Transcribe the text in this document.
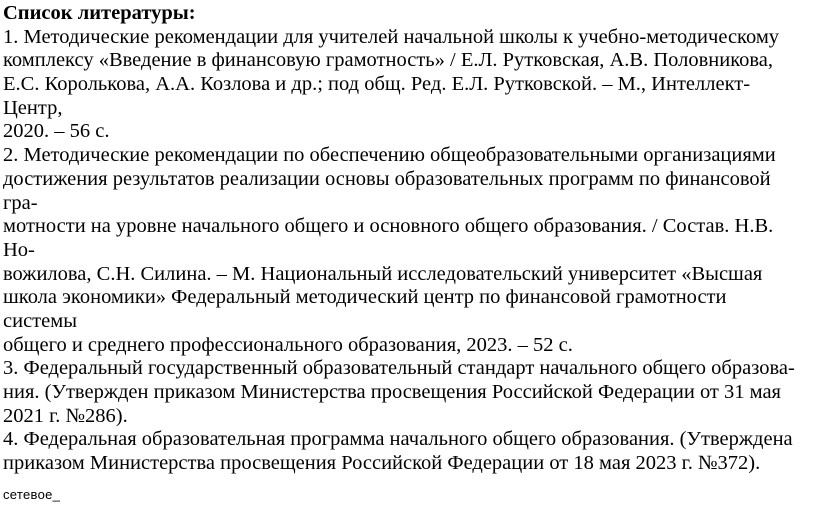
Список литературы:
1. Методические рекомендации для учителей начальной школы к учебно-методическому
комплексу «Введение в финансовую грамотность» / Е.Л. Рутковская, А.В. Половникова,
Е.С. Королькова, А.А. Козлова и др.; под общ. Ред. Е.Л. Рутковской. – М., Интеллект-
Центр,
2020. – 56 с.
2. Методические рекомендации по обеспечению общеобразовательными организациями
достижения результатов реализации основы образовательных программ по финансовой
гра-
мотности на уровне начального общего и основного общего образования. / Состав. Н.В.
Но-
вожилова, С.Н. Силина. – М. Национальный исследовательский университет «Высшая
школа экономики» Федеральный методический центр по финансовой грамотности
системы
общего и среднего профессионального образования, 2023. – 52 с.
3. Федеральный государственный образовательный стандарт начального общего образова-
ния. (Утвержден приказом Министерства просвещения Российской Федерации от 31 мая
2021 г. №286).
4. Федеральная образовательная программа начального общего образования. (Утверждена
приказом Министерства просвещения Российской Федерации от 18 мая 2023 г. №372).
сетевое_
